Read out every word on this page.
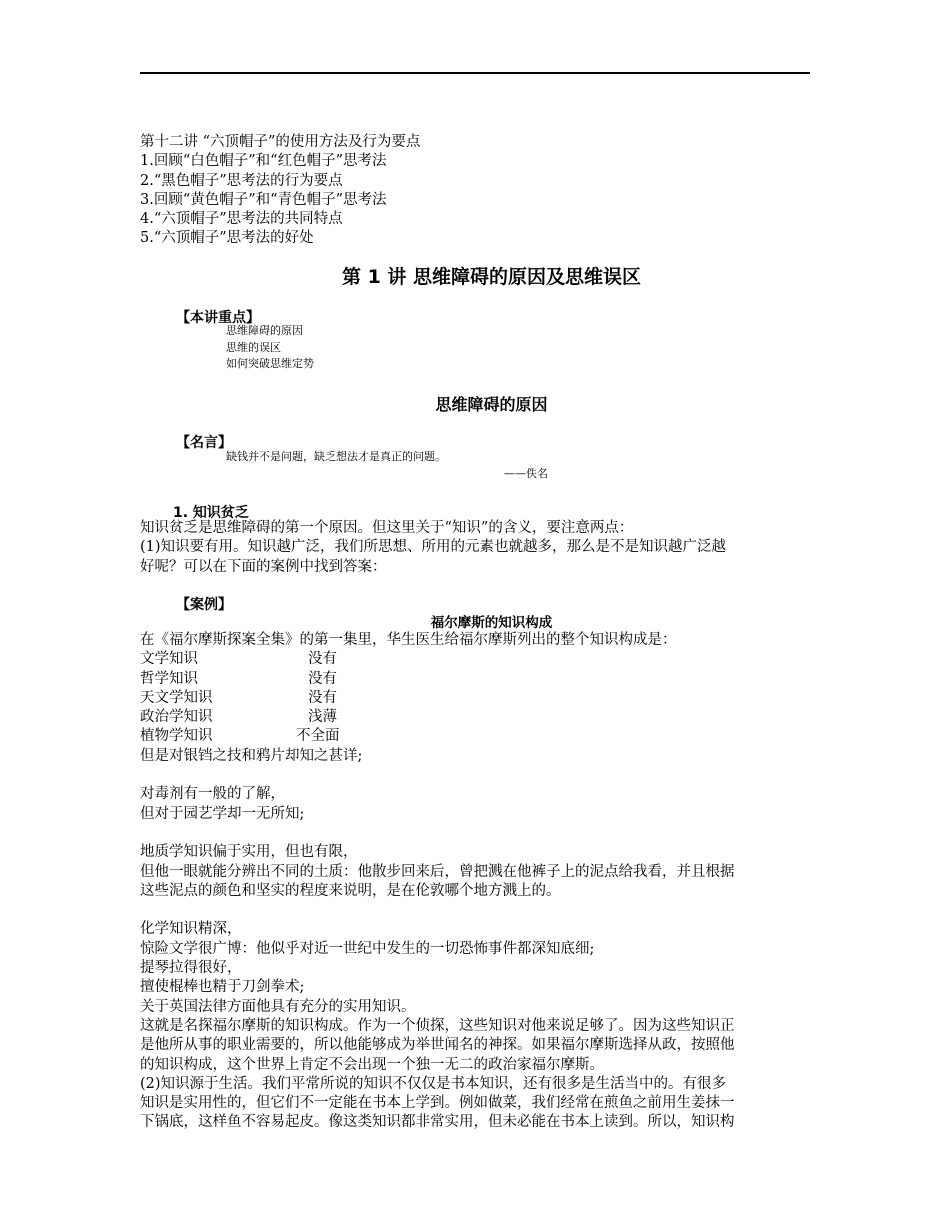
第十二讲 “六顶帽子”的使用方法及行为要点
1.回顾“白色帽子”和“红色帽子”思考法
2.“黑色帽子”思考法的行为要点
3.回顾“黄色帽子”和“青色帽子”思考法
4.“六顶帽子”思考法的共同特点
5.“六顶帽子”思考法的好处
第 1 讲 思维障碍的原因及思维误区
【本讲重点】
思维障碍的原因
思维的误区
如何突破思维定势
思维障碍的原因
【名言】
缺钱并不是问题，缺乏想法才是真正的问题。
——佚名
1. 知识贫乏
知识贫乏是思维障碍的第一个原因。但这里关于“知识”的含义，要注意两点：
(1)知识要有用。知识越广泛，我们所思想、所用的元素也就越多，那么是不是知识越广泛越
好呢？可以在下面的案例中找到答案：
【案例】
福尔摩斯的知识构成
在《福尔摩斯探案全集》的第一集里，华生医生给福尔摩斯列出的整个知识构成是：
文学知识	没有
哲学知识	没有
天文学知识	没有
政治学知识	浅薄
植物学知识	不全面
但是对银铛之技和鸦片却知之甚详;
对毒剂有一般的了解，
但对于园艺学却一无所知;
地质学知识偏于实用，但也有限，
但他一眼就能分辨出不同的土质：他散步回来后，曾把溅在他裤子上的泥点给我看，并且根据
这些泥点的颜色和坚实的程度来说明，是在伦敦哪个地方溅上的。
化学知识精深，
惊险文学很广博：他似乎对近一世纪中发生的一切恐怖事件都深知底细;
提琴拉得很好，
擅使棍棒也精于刀剑拳术;
关于英国法律方面他具有充分的实用知识。
这就是名探福尔摩斯的知识构成。作为一个侦探，这些知识对他来说足够了。因为这些知识正
是他所从事的职业需要的，所以他能够成为举世闻名的神探。如果福尔摩斯选择从政，按照他
的知识构成，这个世界上肯定不会出现一个独一无二的政治家福尔摩斯。
(2)知识源于生活。我们平常所说的知识不仅仅是书本知识，还有很多是生活当中的。有很多
知识是实用性的，但它们不一定能在书本上学到。例如做菜，我们经常在煎鱼之前用生姜抹一
下锅底，这样鱼不容易起皮。像这类知识都非常实用，但未必能在书本上读到。所以，知识构
